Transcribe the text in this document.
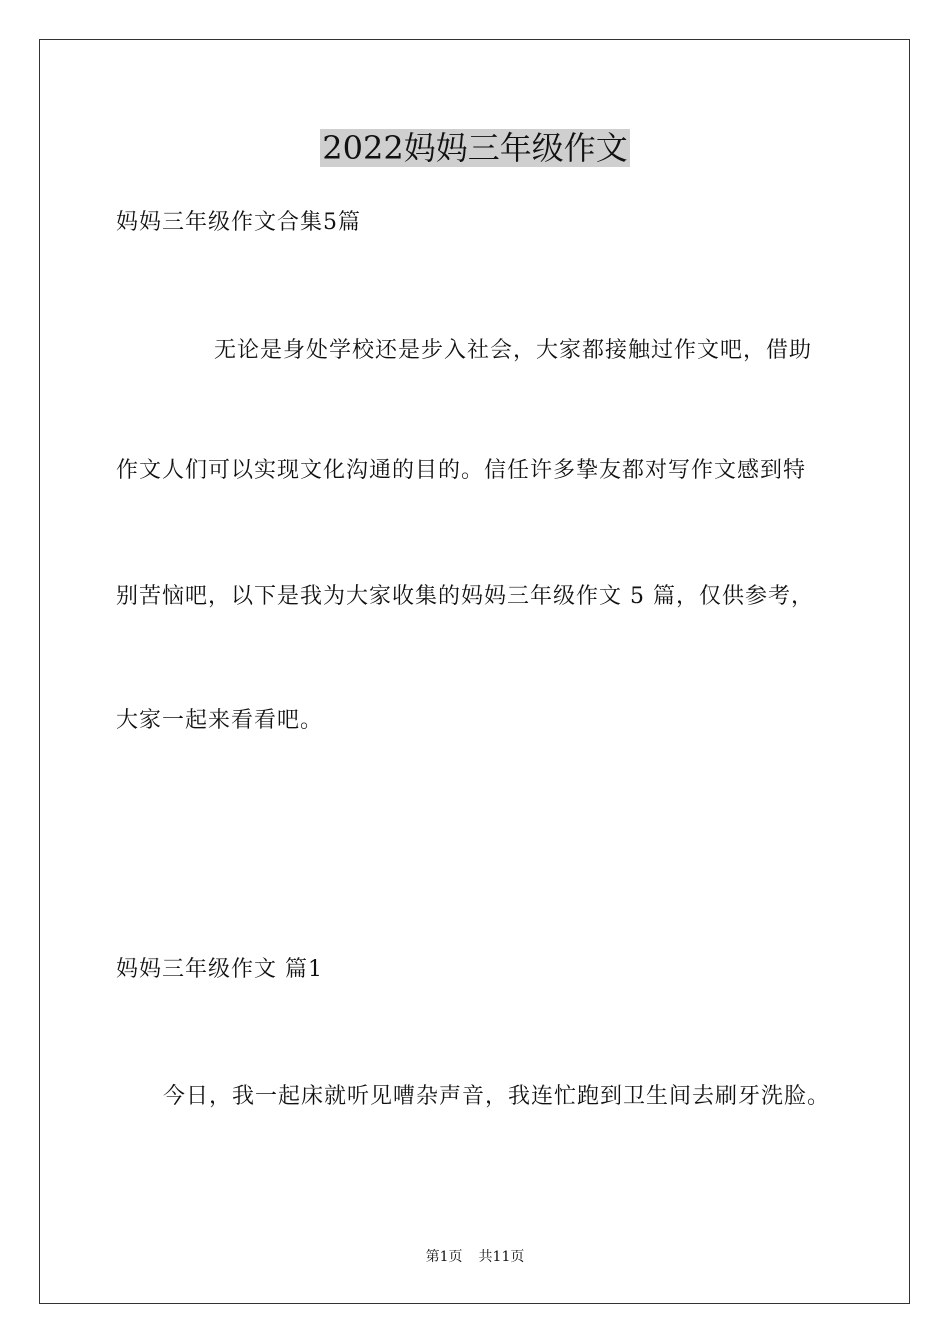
2022妈妈三年级作文
妈妈三年级作文合集5篇
无论是身处学校还是步入社会，大家都接触过作文吧，借助
作文人们可以实现文化沟通的目的。信任许多挚友都对写作文感到特
别苦恼吧，以下是我为大家收集的妈妈三年级作文 5 篇，仅供参考，
大家一起来看看吧。
妈妈三年级作文 篇1
今日，我一起床就听见嘈杂声音，我连忙跑到卫生间去刷牙洗脸。
第1页 共11页
